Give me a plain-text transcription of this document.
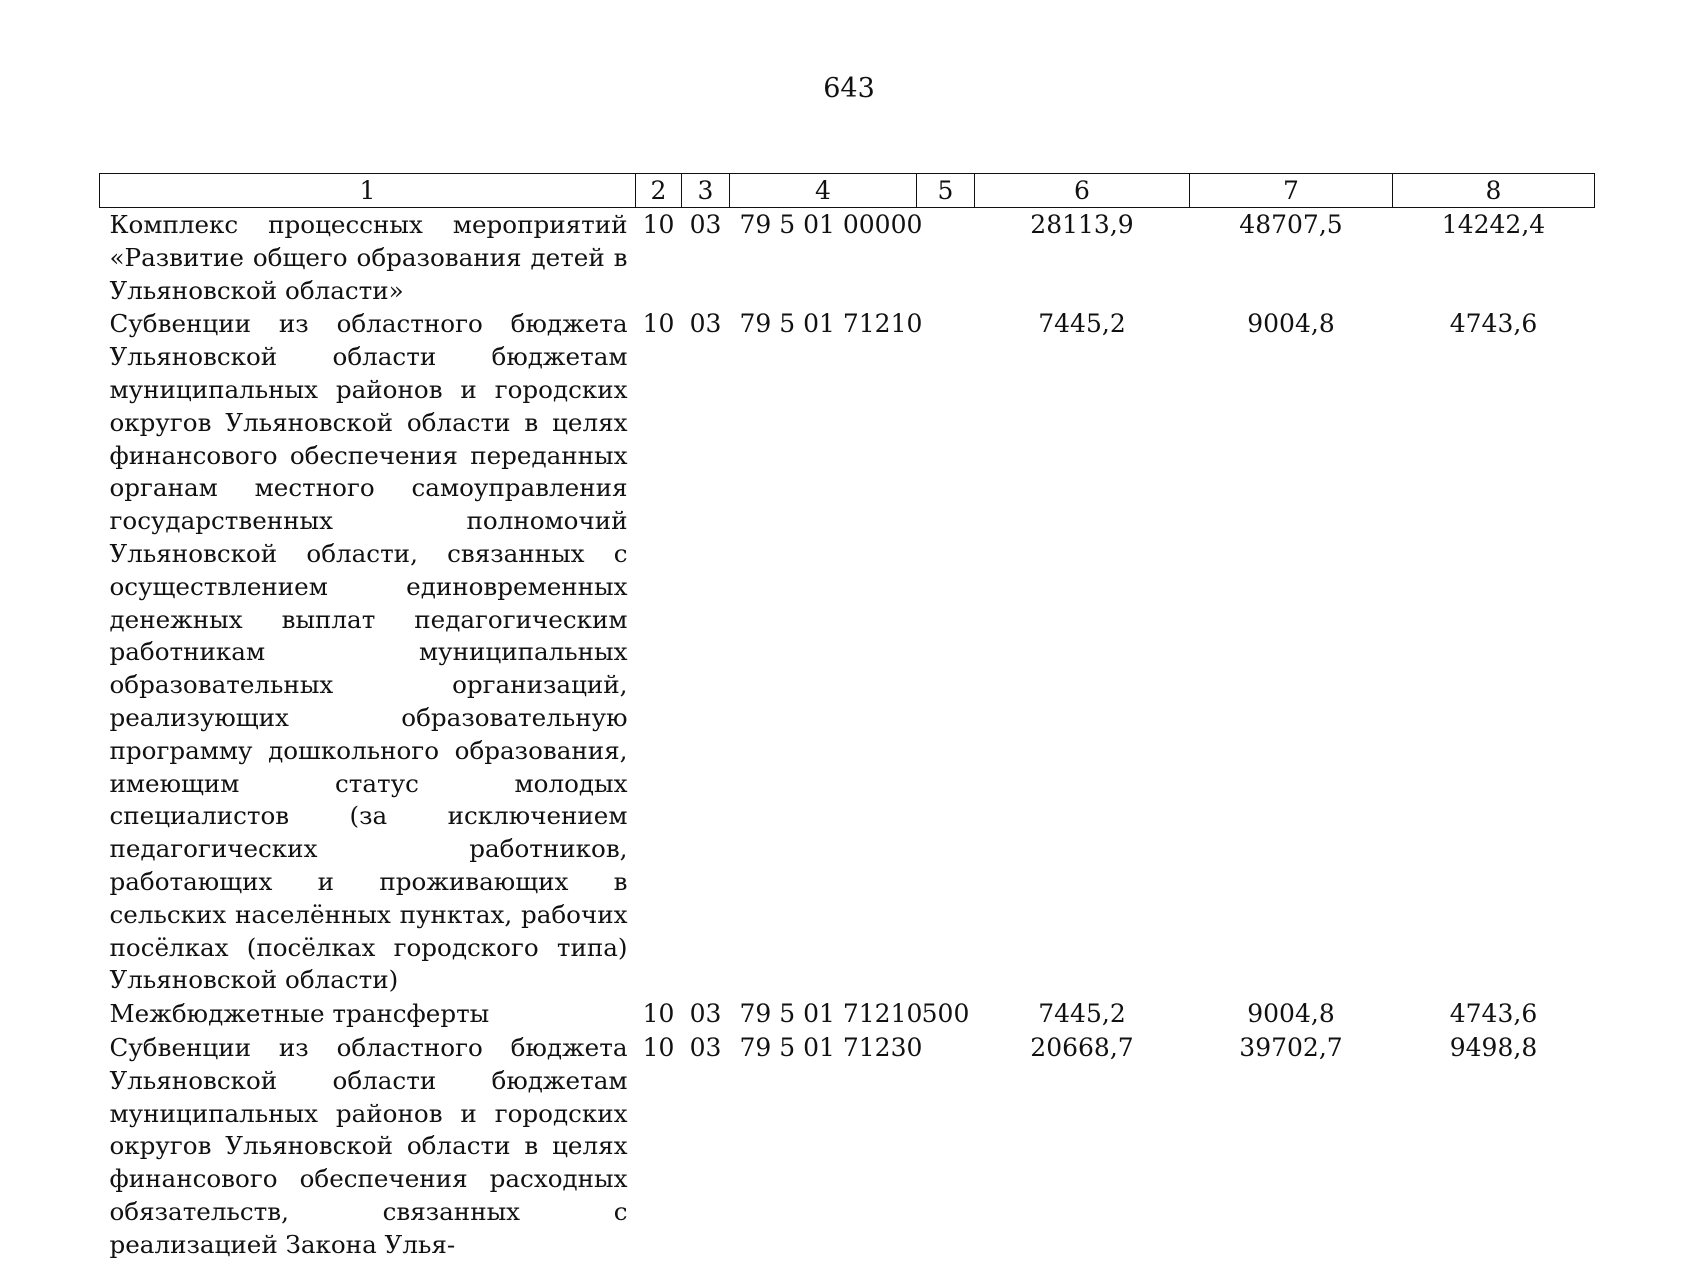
643
1	2	3	4	5	6	7	8
Комплекс процессных мероприятий «Развитие общего образования детей в Ульяновской области»	10	03	79 5 01 00000		28113,9	48707,5	14242,4
Субвенции из областного бюджета Ульяновской области бюджетам муниципальных районов и городских округов Ульяновской области в целях финансового обеспечения переданных органам местного самоуправления государственных полномочий Ульяновской области, связанных с осуществлением единовременных денежных выплат педагогическим работникам муниципальных образовательных организаций, реализующих образовательную программу дошкольного образования, имеющим статус молодых специалистов (за исключением педагогических работников, работающих и проживающих в сельских населённых пунктах, рабочих посёлках (посёлках городского типа) Ульяновской области)	10	03	79 5 01 71210		7445,2	9004,8	4743,6
Межбюджетные трансферты	10	03	79 5 01 71210	500	7445,2	9004,8	4743,6
Субвенции из областного бюджета Ульяновской области бюджетам муниципальных районов и городских округов Ульяновской области в целях финансового обеспечения расходных обязательств, связанных с реализацией Закона Улья-	10	03	79 5 01 71230		20668,7	39702,7	9498,8
